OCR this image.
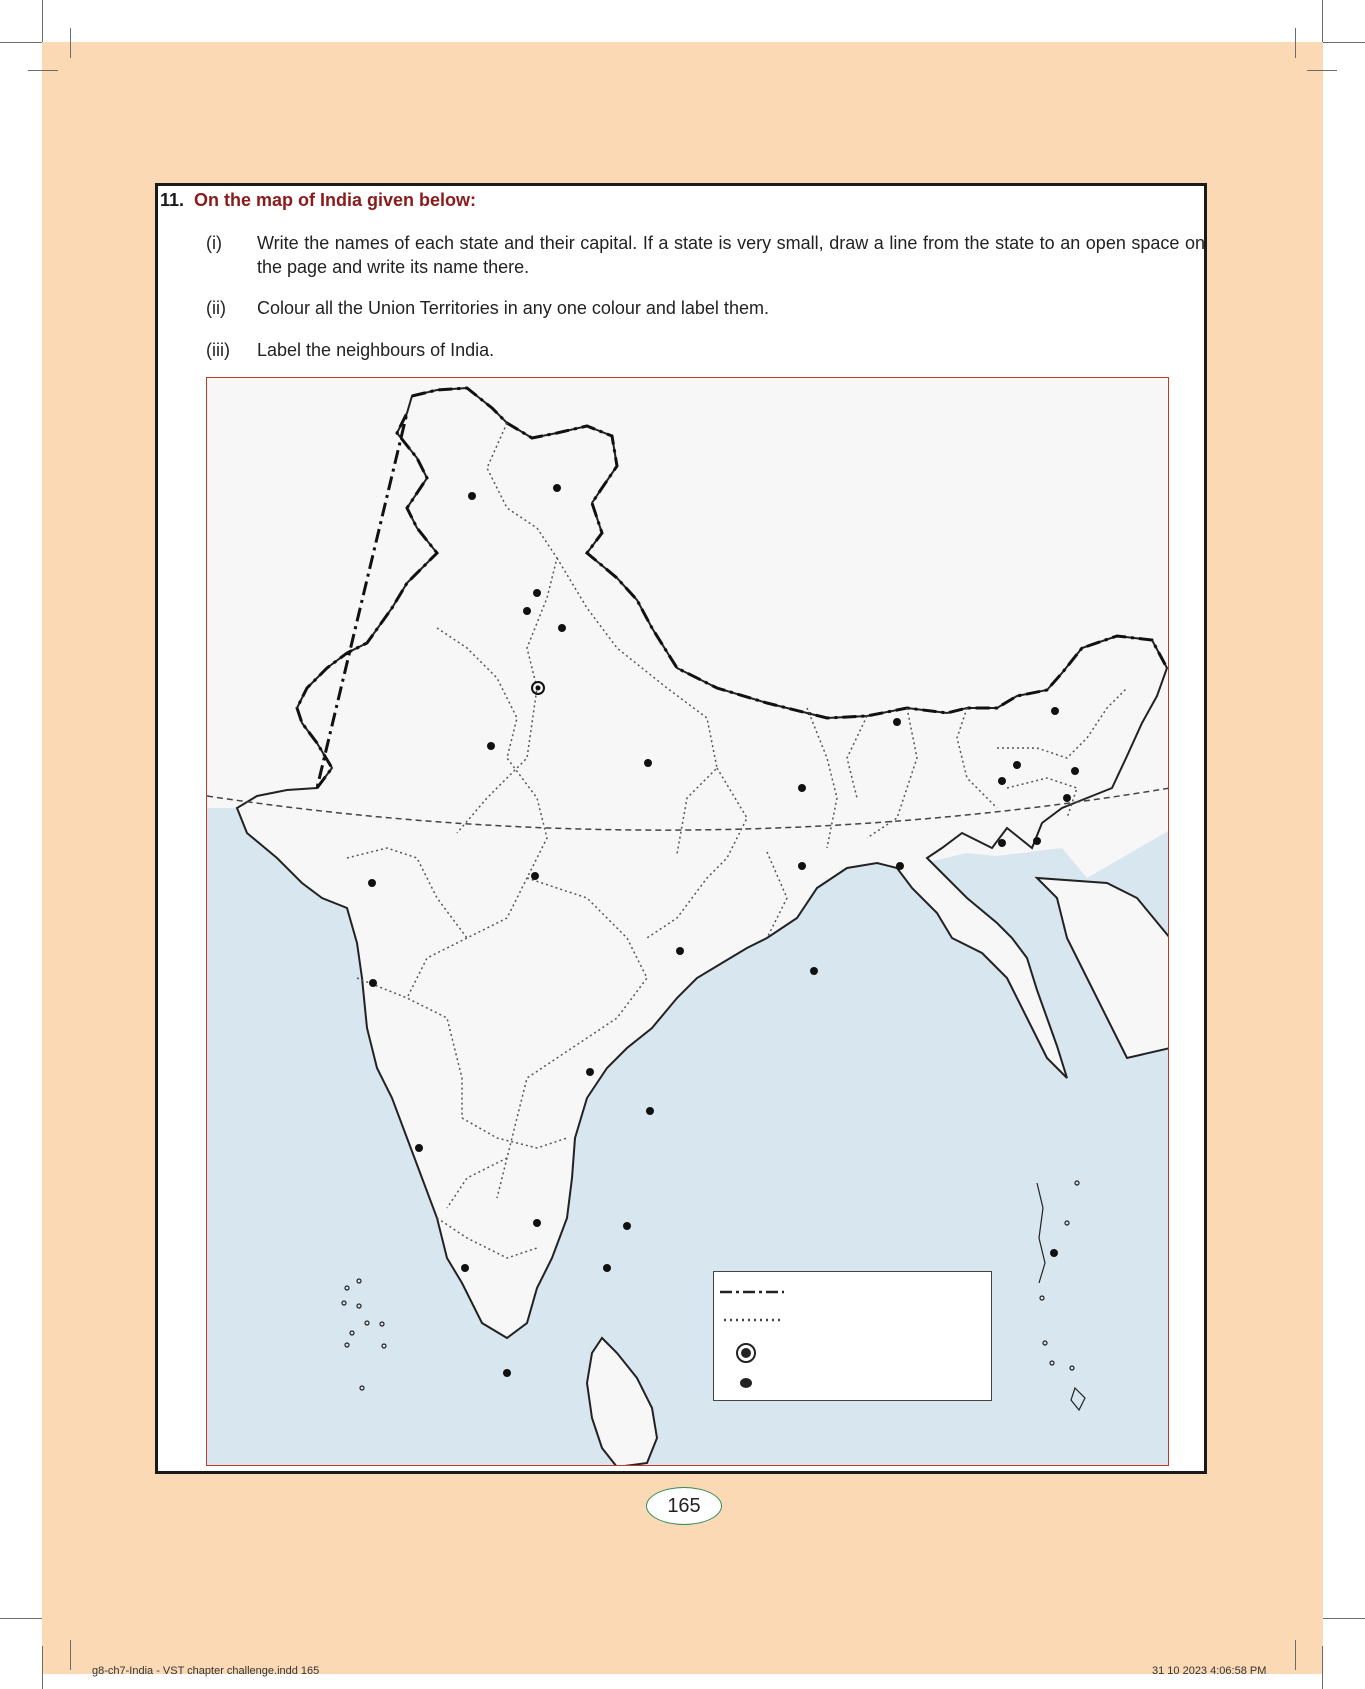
11. On the map of India given below:
(i)	Write the names of each state and their capital. If a state is very small, draw a line from the state to an open space on the page and write its name there.
(ii)	Colour all the Union Territories in any one colour and label them.
(iii)	Label the neighbours of India.
165
g8-ch7-India - VST chapter challenge.indd 165	31 10 2023 4:06:58 PM
